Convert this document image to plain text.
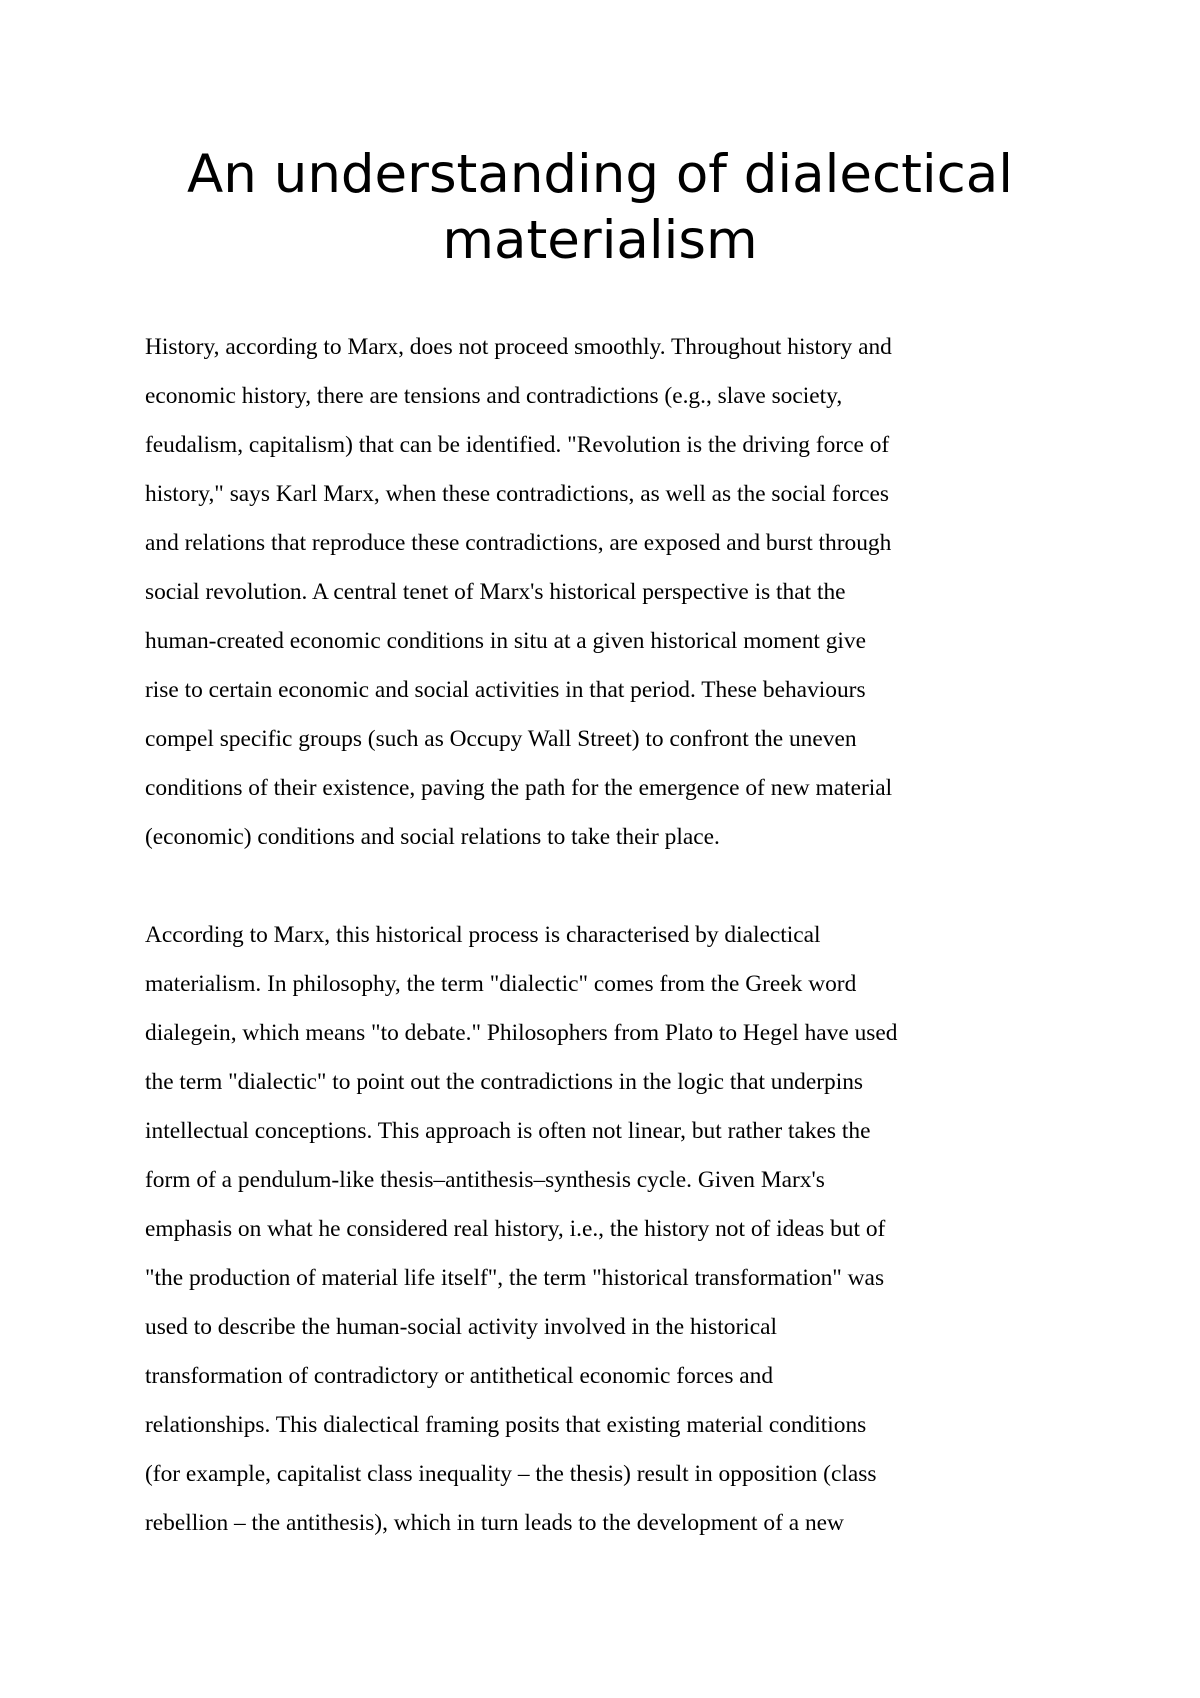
An understanding of dialectical
materialism
History, according to Marx, does not proceed smoothly. Throughout history and
economic history, there are tensions and contradictions (e.g., slave society,
feudalism, capitalism) that can be identified. "Revolution is the driving force of
history," says Karl Marx, when these contradictions, as well as the social forces
and relations that reproduce these contradictions, are exposed and burst through
social revolution. A central tenet of Marx's historical perspective is that the
human-created economic conditions in situ at a given historical moment give
rise to certain economic and social activities in that period. These behaviours
compel specific groups (such as Occupy Wall Street) to confront the uneven
conditions of their existence, paving the path for the emergence of new material
(economic) conditions and social relations to take their place.
According to Marx, this historical process is characterised by dialectical
materialism. In philosophy, the term "dialectic" comes from the Greek word
dialegein, which means "to debate." Philosophers from Plato to Hegel have used
the term "dialectic" to point out the contradictions in the logic that underpins
intellectual conceptions. This approach is often not linear, but rather takes the
form of a pendulum-like thesis–antithesis–synthesis cycle. Given Marx's
emphasis on what he considered real history, i.e., the history not of ideas but of
"the production of material life itself", the term "historical transformation" was
used to describe the human-social activity involved in the historical
transformation of contradictory or antithetical economic forces and
relationships. This dialectical framing posits that existing material conditions
(for example, capitalist class inequality – the thesis) result in opposition (class
rebellion – the antithesis), which in turn leads to the development of a new
